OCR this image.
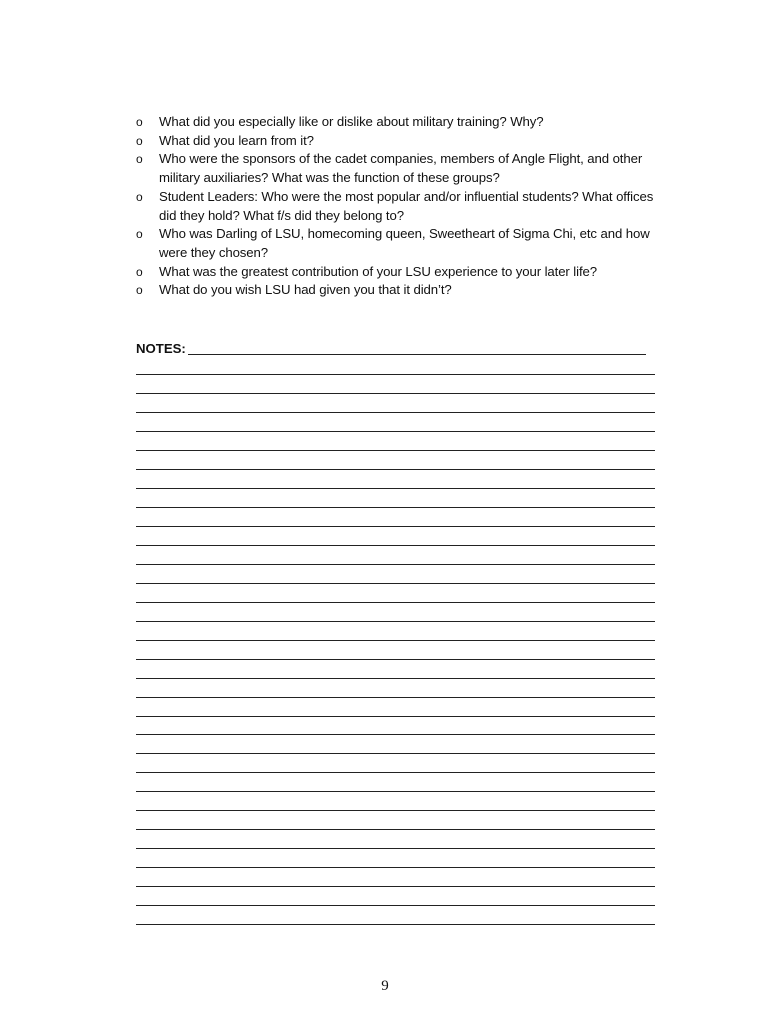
o What did you especially like or dislike about military training? Why?
o What did you learn from it?
o Who were the sponsors of the cadet companies, members of Angle Flight, and other military auxiliaries? What was the function of these groups?
o Student Leaders: Who were the most popular and/or influential students? What offices did they hold? What f/s did they belong to?
o Who was Darling of LSU, homecoming queen, Sweetheart of Sigma Chi, etc and how were they chosen?
o What was the greatest contribution of your LSU experience to your later life?
o What do you wish LSU had given you that it didn’t?
NOTES:
9
